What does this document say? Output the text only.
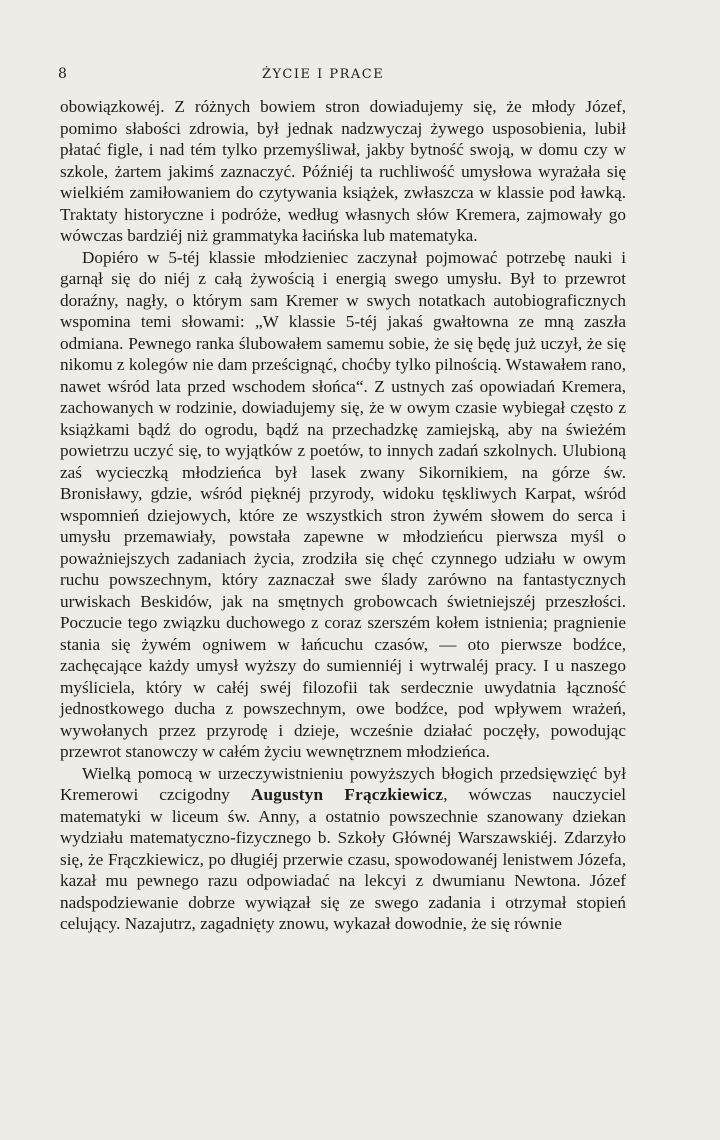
8	ŻYCIE I PRACE

obowiązkowéj. Z różnych bowiem stron dowiadujemy się, że młody Józef, pomimo słabości zdrowia, był jednak nadzwyczaj żywego usposobienia, lubił płatać figle, i nad tém tylko przemyśliwał, jakby bytność swoją, w domu czy w szkole, żartem jakimś zaznaczyć. Późniéj ta ruchliwość umysłowa wyrażała się wielkiém zamiłowaniem do czytywania książek, zwłaszcza w klassie pod ławką. Traktaty historyczne i podróże, według własnych słów Kremera, zajmowały go wówczas bardziéj niż grammatyka łacińska lub matematyka.

Dopiéro w 5-téj klassie młodzieniec zaczynał pojmować potrzebę nauki i garnął się do niéj z całą żywością i energią swego umysłu. Był to przewrot doraźny, nagły, o którym sam Kremer w swych notatkach autobiograficznych wspomina temi słowami: „W klassie 5-téj jakaś gwałtowna ze mną zaszła odmiana. Pewnego ranka ślubowałem samemu sobie, że się będę już uczył, że się nikomu z kolegów nie dam prześcignąć, choćby tylko pilnością. Wstawałem rano, nawet wśród lata przed wschodem słońca“. Z ustnych zaś opowiadań Kremera, zachowanych w rodzinie, dowiadujemy się, że w owym czasie wybiegał często z książkami bądź do ogrodu, bądź na przechadzkę zamiejską, aby na świeżém powietrzu uczyć się, to wyjątków z poetów, to innych zadań szkolnych. Ulubioną zaś wycieczką młodzieńca był lasek zwany Sikornikiem, na górze św. Bronisławy, gdzie, wśród pięknéj przyrody, widoku tęskliwych Karpat, wśród wspomnień dziejowych, które ze wszystkich stron żywém słowem do serca i umysłu przemawiały, powstała zapewne w młodzieńcu pierwsza myśl o poważniejszych zadaniach życia, zrodziła się chęć czynnego udziału w owym ruchu powszechnym, który zaznaczał swe ślady zarówno na fantastycznych urwiskach Beskidów, jak na smętnych grobowcach świetniejszéj przeszłości. Poczucie tego związku duchowego z coraz szerszém kołem istnienia; pragnienie stania się żywém ogniwem w łańcuchu czasów, — oto pierwsze bodźce, zachęcające każdy umysł wyższy do sumienniéj i wytrwaléj pracy. I u naszego myśliciela, który w całéj swéj filozofii tak serdecznie uwydatnia łączność jednostkowego ducha z powszechnym, owe bodźce, pod wpływem wrażeń, wywołanych przez przyrodę i dzieje, wcześnie działać poczęły, powodując przewrot stanowczy w całém życiu wewnętrznem młodzieńca.

Wielką pomocą w urzeczywistnieniu powyższych błogich przedsięwzięć był Kremerowi czcigodny Augustyn Frączkiewicz, wówczas nauczyciel matematyki w liceum św. Anny, a ostatnio powszechnie szanowany dziekan wydziału matematyczno-fizycznego b. Szkoły Głównéj Warszawskiéj. Zdarzyło się, że Frączkiewicz, po długiéj przerwie czasu, spowodowanéj lenistwem Józefa, kazał mu pewnego razu odpowiadać na lekcyi z dwumianu Newtona. Józef nadspodziewanie dobrze wywiązał się ze swego zadania i otrzymał stopień celujący. Nazajutrz, zagadnięty znowu, wykazał dowodnie, że się równie
